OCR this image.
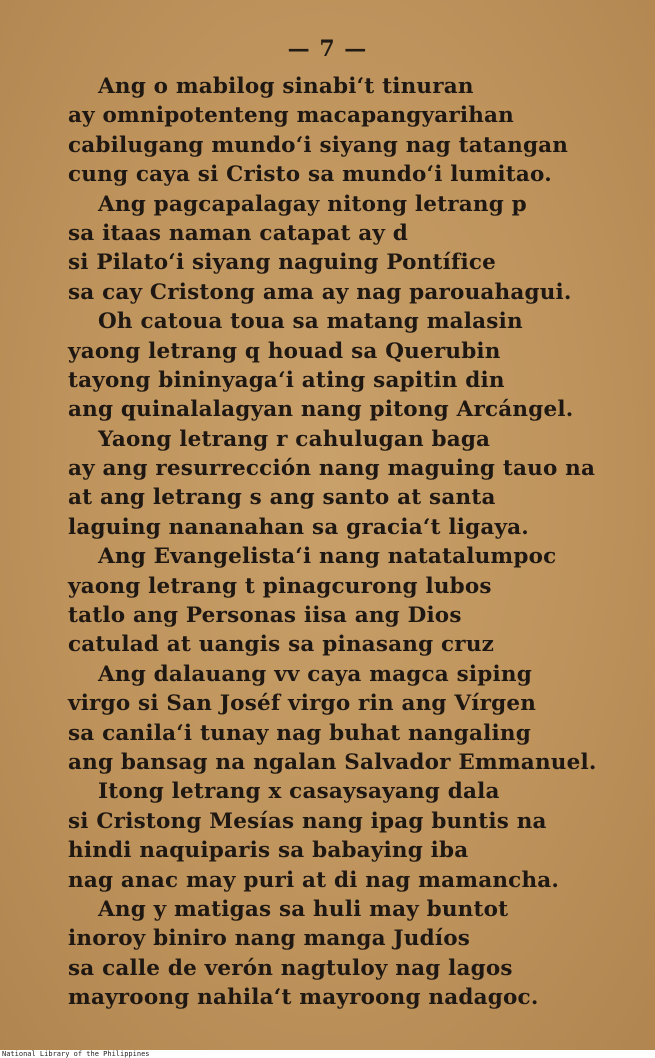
— 7 —
Ang o mabilog sinabi‘t tinuran
ay omnipotenteng macapangyarihan
cabilugang mundo‘i siyang nag tatangan
cung caya si Cristo sa mundo‘i lumitao.
Ang pagcapalagay nitong letrang p
sa itaas naman catapat ay d
si Pilato‘i siyang naguing Pontífice
sa cay Cristong ama ay nag parouahagui.
Oh catoua toua sa matang malasin
yaong letrang q houad sa Querubin
tayong bininyaga‘i ating sapitin din
ang quinalalagyan nang pitong Arcángel.
Yaong letrang r cahulugan baga
ay ang resurrección nang maguing tauo na
at ang letrang s ang santo at santa
laguing nananahan sa gracia‘t ligaya.
Ang Evangelista‘i nang natatalumpoc
yaong letrang t pinagcurong lubos
tatlo ang Personas iisa ang Dios
catulad at uangis sa pinasang cruz
Ang dalauang vv caya magca siping
virgo si San Joséf virgo rin ang Vírgen
sa canila‘i tunay nag buhat nangaling
ang bansag na ngalan Salvador Emmanuel.
Itong letrang x casaysayang dala
si Cristong Mesías nang ipag buntis na
hindi naquiparis sa babaying iba
nag anac may puri at di nag mamancha.
Ang y matigas sa huli may buntot
inoroy biniro nang manga Judíos
sa calle de verón nagtuloy nag lagos
mayroong nahila‘t mayroong nadagoc.
National Library of the Philippines
